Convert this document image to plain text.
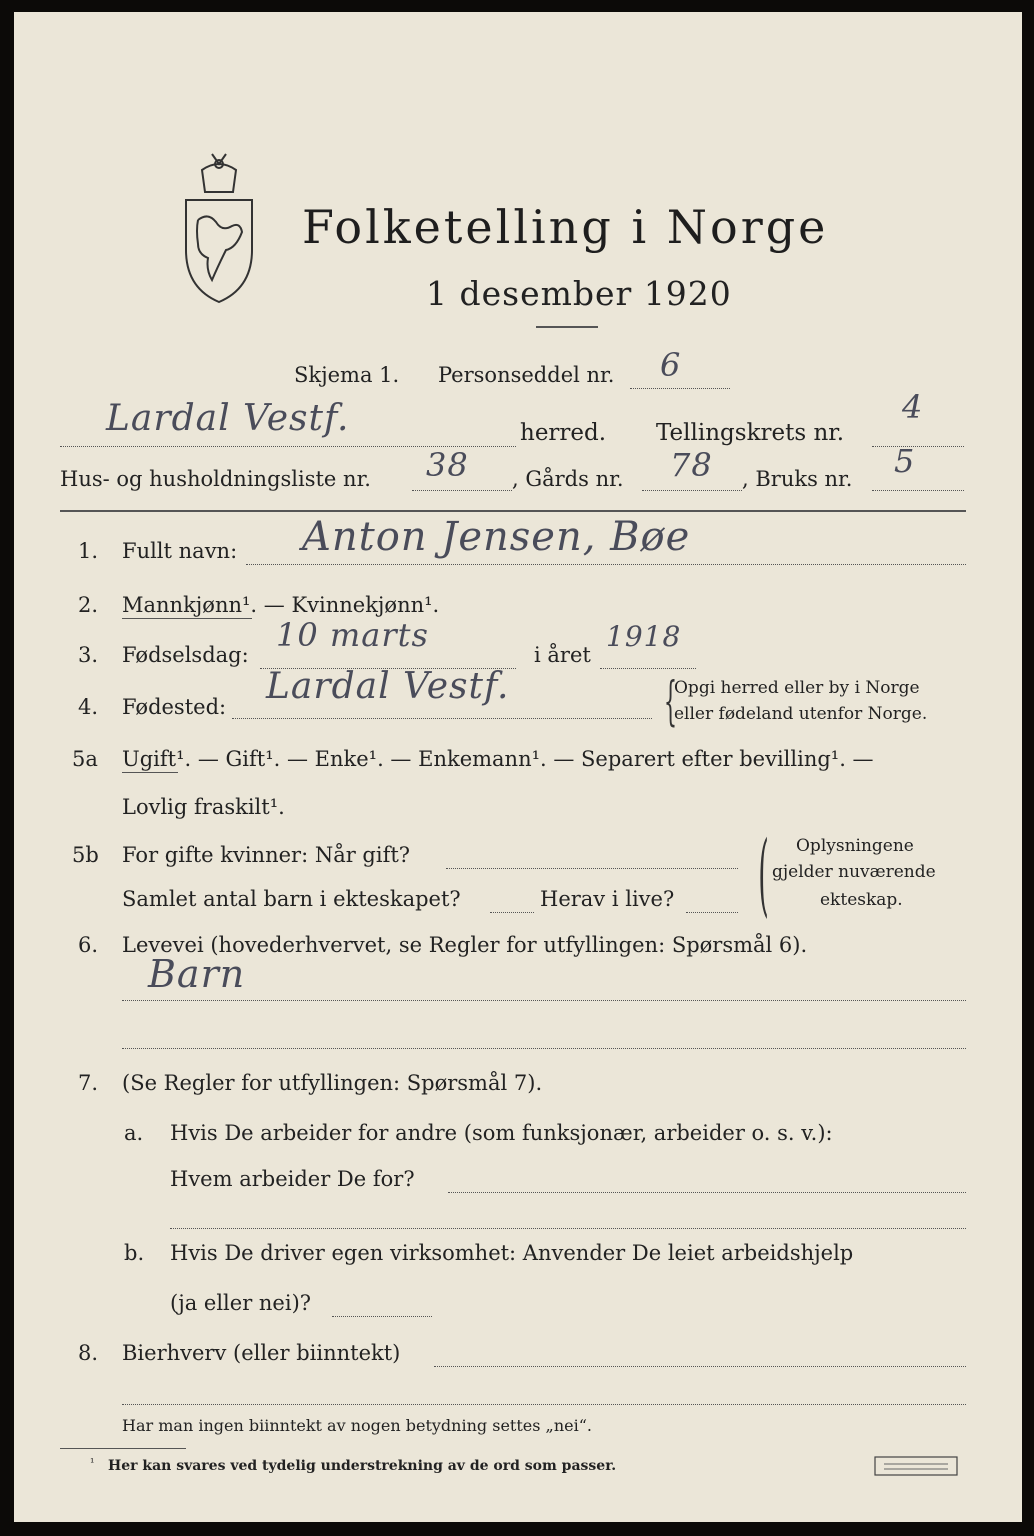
Folketelling i Norge
1 desember 1920
Skjema 1. Personseddel nr. 6
Lardal Vestf.	herred. Tellingskrets nr.
4
Hus- og husholdningsliste nr. 38 , Gårds nr. 78 , Bruks nr. 5
1. Fullt navn: Anton Jensen, Bøe
2. Mannkjønn¹. — Kvinnekjønn¹.
3. Fødselsdag:
10 marts
i året
1918
4. Fødested: Lardal Vestf.	{
Opgi herred eller by i Norge
eller fødeland utenfor Norge.
5a Ugift¹. — Gift¹. — Enke¹. — Enkemann¹. — Separert efter bevilling¹. —
Lovlig fraskilt¹.
5b For gifte kvinner: Når gift?
Samlet antal barn i ekteskapet?	Herav i live? ( Oplysningene
gjelder nuværende
ekteskap.
6. Levevei (hovederhvervet, se Regler for utfyllingen: Spørsmål 6).
Barn
7. (Se Regler for utfyllingen: Spørsmål 7).
a. Hvis De arbeider for andre (som funksjonær, arbeider o. s. v.):
Hvem arbeider De for?
b. Hvis De driver egen virksomhet: Anvender De leiet arbeidshjelp
(ja eller nei)?
8. Bierhverv (eller biinntekt)
Har man ingen biinntekt av nogen betydning settes „nei“.
¹ Her kan svares ved tydelig understrekning av de ord som passer.
